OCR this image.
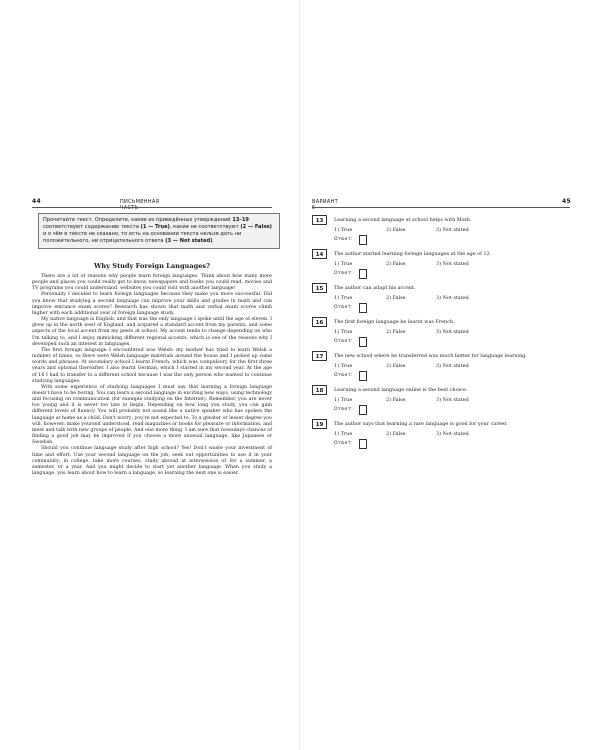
44	ПИСЬМЕННАЯ ЧАСТЬ
Прочитайте текст. Определите, какие из приведённых утверждений 13–19 соответствуют содержанию текста (1 — True), какие не соответствуют (2 — False) и о чём в тексте не сказано, то есть на основании текста нельзя дать ни положительного, ни отрицательного ответа (3 — Not stated).
Why Study Foreign Languages?

There are a lot of reasons why people learn foreign languages. Think about how many more people and places you could really get to know, newspapers and books you could read, movies and TV programs you could understand, websites you could visit with another language!

Personally I decided to learn foreign languages because they make you more successful. Did you know that studying a second language can improve your skills and grades in math and can improve entrance exam scores? Research has shown that math and verbal exam scores climb higher with each additional year of foreign language study.

My native language is English, and that was the only language I spoke until the age of eleven. I grew up in the north west of England, and acquired a standard accent from my parents, and some aspects of the local accent from my peers at school. My accent tends to change depending on who I'm talking to, and I enjoy mimicking different regional accents, which is one of the reasons why I developed such an interest in languages.

The first foreign language I encountered was Welsh: my mother has tried to learn Welsh a number of times, so there were Welsh language materials around the house and I picked up some words and phrases. At secondary school I learnt French, which was compulsory for the first three years and optional thereafter. I also learnt German, which I started in my second year. At the age of 16 I had to transfer to a different school because I was the only person who wanted to continue studying languages.

With some experience of studying languages I must say that learning a foreign language doesn't have to be boring. You can learn a second language in exciting new ways, using technology and focusing on communication (for example studying on the Internet). Remember, you are never too young and it is never too late to begin. Depending on how long you study, you can gain different levels of fluency. You will probably not sound like a native speaker who has spoken the language at home as a child. Don't worry; you're not expected to. To a greater or lesser degree you will, however, make yourself understood, read magazines or books for pleasure or information, and meet and talk with new groups of people. And one more thing. I am sure that nowadays chances of finding a good job may be improved if you choose a more unusual language, like Japanese or Swedish.

Should you continue language study after high school? Yes! Don't waste your investment of time and effort. Use your second language on the job; seek out opportunities to use it in your community; in college, take more courses, study abroad at intersession or for a summer, a semester, or a year. And you might decide to start yet another language. When you study a language, you learn about how to learn a language, so learning the next one is easier.

ВАРИАНТ 5
45
13	Learning a second language at school helps with Math.
1) True	2) False	3) Not stated
Ответ:
14	The author started learning foreign languages at the age of 12.
1) True	2) False	3) Not stated
Ответ:
15	The author can adapt his accent.
1) True	2) False	3) Not stated
Ответ:
16	The first foreign language he learnt was French.
1) True	2) False	3) Not stated
Ответ:
17	The new school where he transferred was much better for language learning.
1) True	2) False	3) Not stated
Ответ:
18	Learning a second language online is the best choice.
1) True	2) False	3) Not stated
Ответ:
19	The author says that learning a rare language is good for your career.
1) True	2) False	3) Not stated
Ответ:
